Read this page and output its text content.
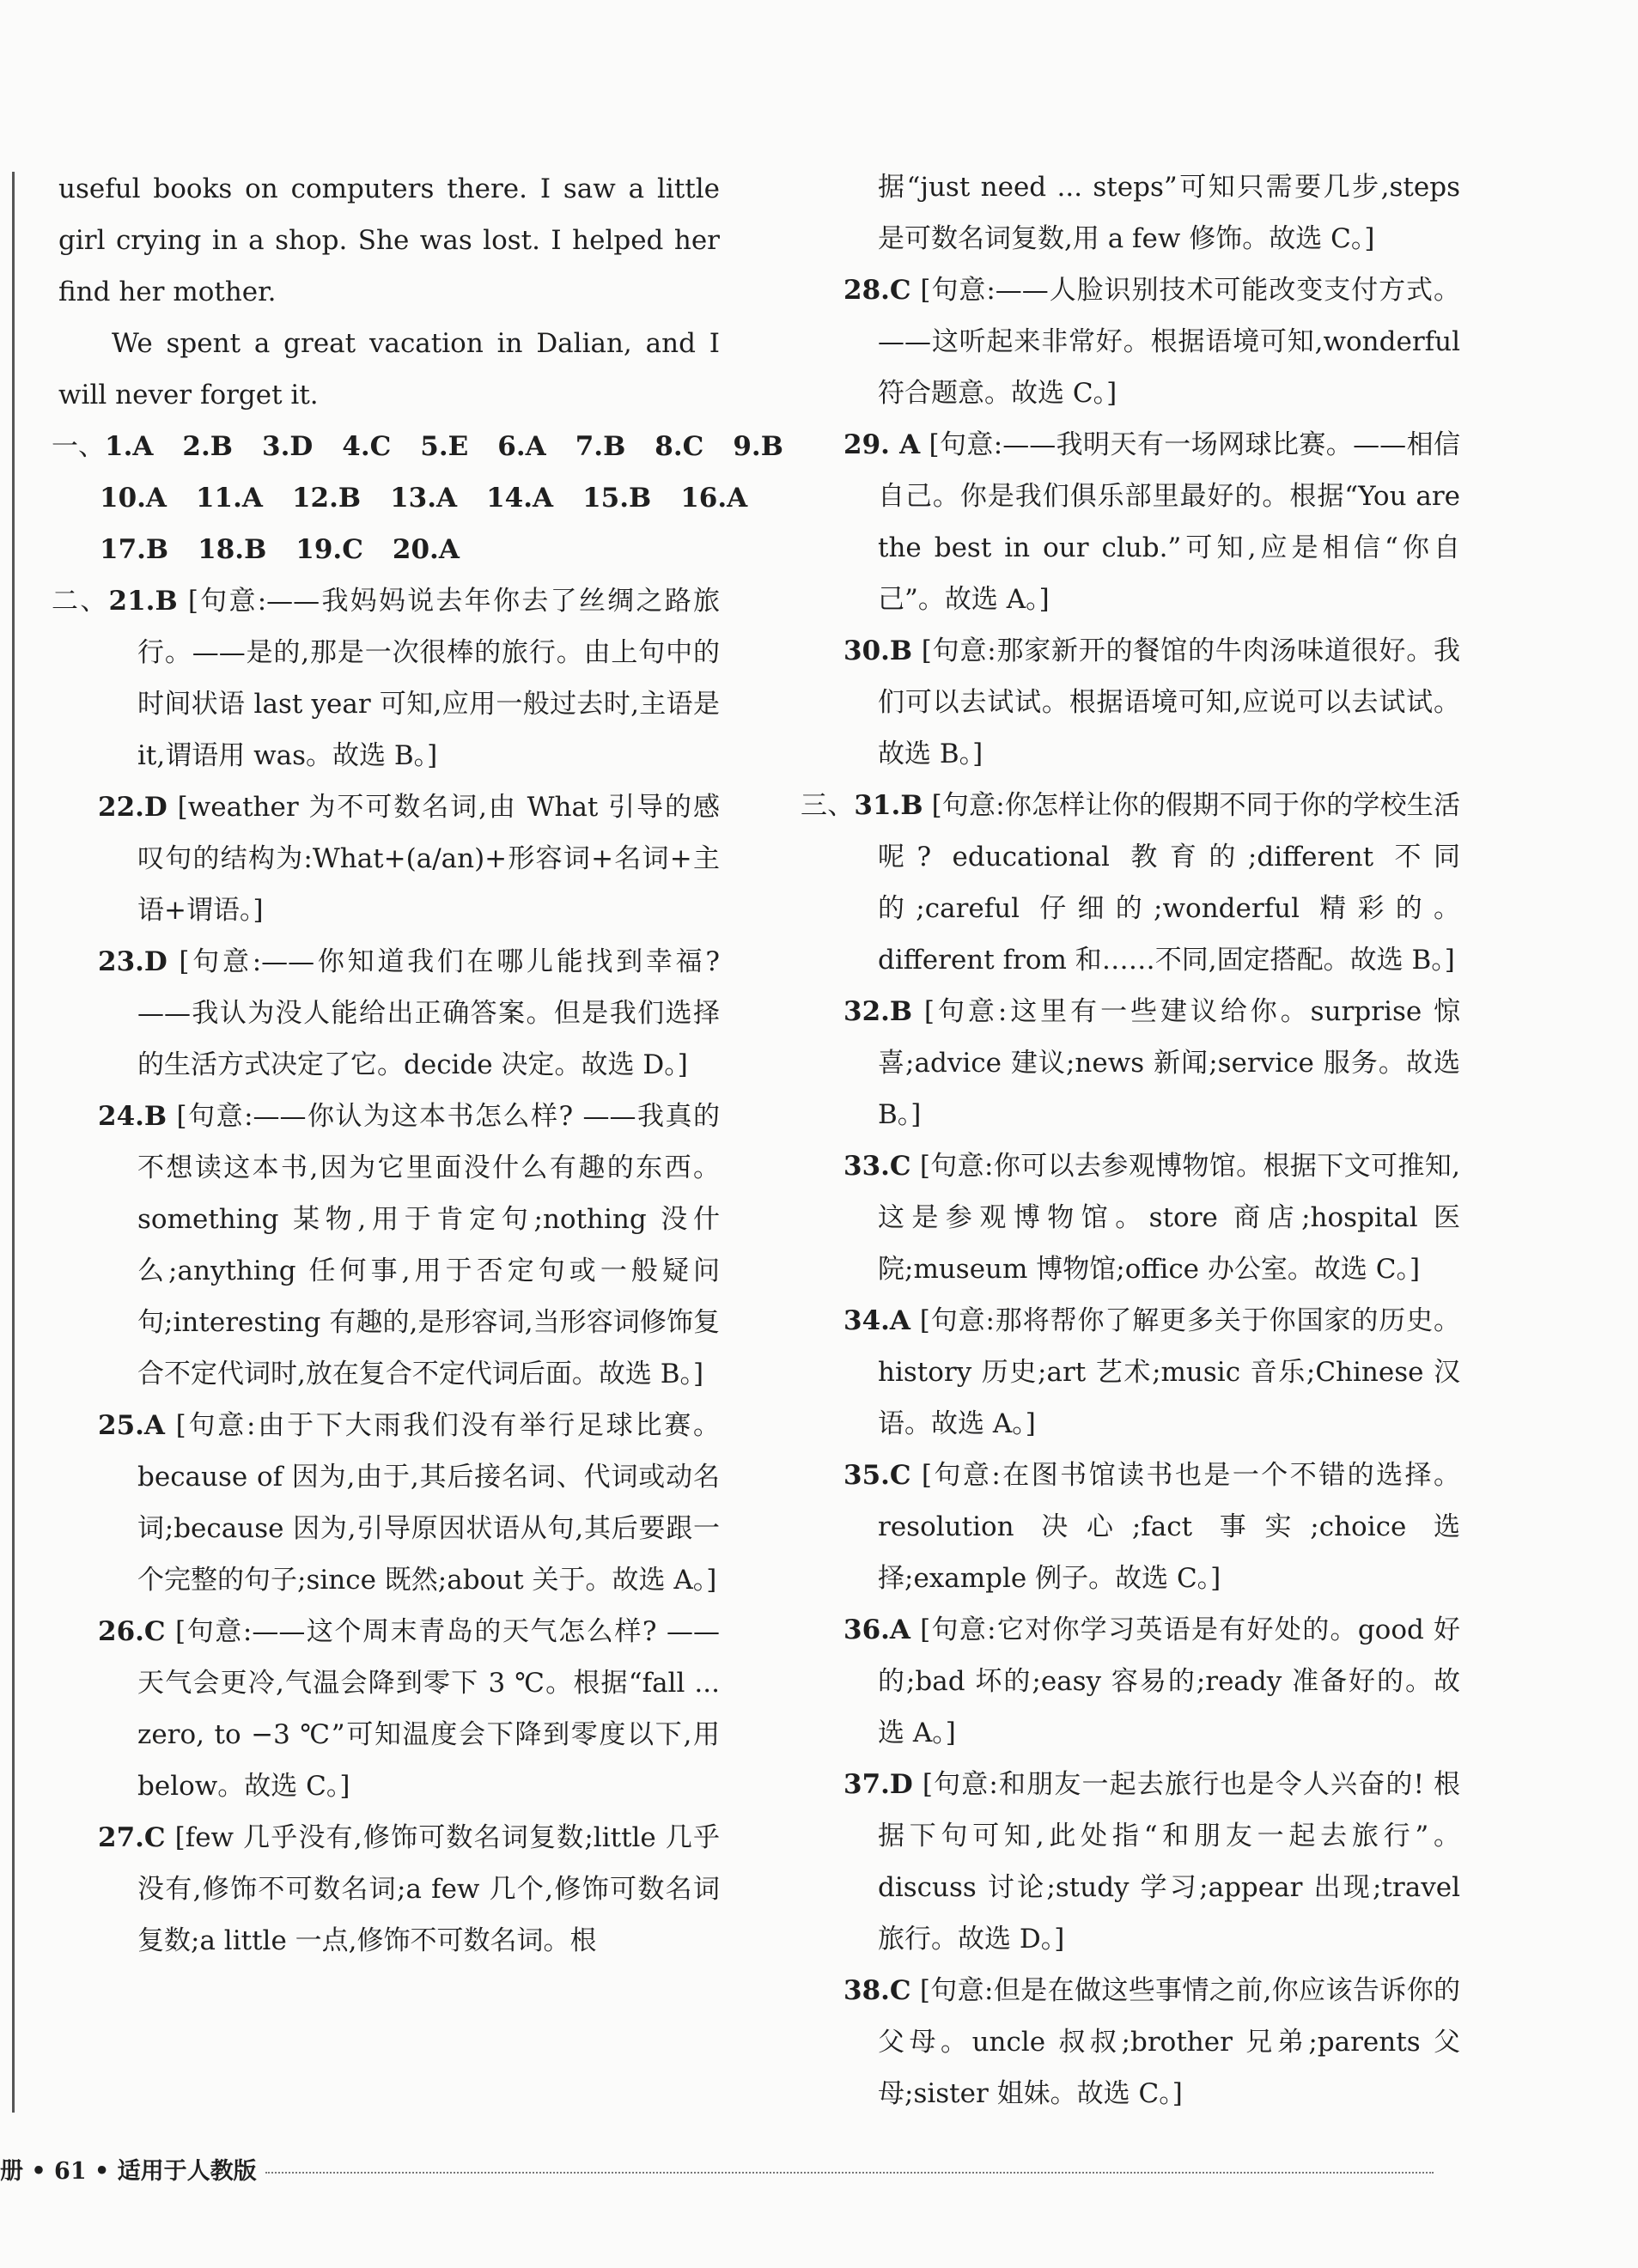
useful books on computers there. I saw a little girl crying in a shop. She was lost. I helped her find her mother.

We spent a great vacation in Dalian, and I will never forget it.

一、1.A 2.B 3.D 4.C 5.E 6.A 7.B 8.C 9.B

10.A 11.A 12.B 13.A 14.A 15.B 16.A

17.B 18.B 19.C 20.A

二、21.B [句意:——我妈妈说去年你去了丝绸之路旅行。——是的,那是一次很棒的旅行。由上句中的时间状语 last year 可知,应用一般过去时,主语是 it,谓语用 was。故选 B。]

22.D [weather 为不可数名词,由 What 引导的感叹句的结构为:What+(a/an)+形容词+名词+主语+谓语。]

23.D [句意:——你知道我们在哪儿能找到幸福? ——我认为没人能给出正确答案。但是我们选择的生活方式决定了它。decide 决定。故选 D。]

24.B [句意:——你认为这本书怎么样? ——我真的不想读这本书,因为它里面没什么有趣的东西。something 某物,用于肯定句;nothing 没什么;anything 任何事,用于否定句或一般疑问句;interesting 有趣的,是形容词,当形容词修饰复合不定代词时,放在复合不定代词后面。故选 B。]

25.A [句意:由于下大雨我们没有举行足球比赛。because of 因为,由于,其后接名词、代词或动名词;because 因为,引导原因状语从句,其后要跟一个完整的句子;since 既然;about 关于。故选 A。]

26.C [句意:——这个周末青岛的天气怎么样? ——天气会更冷,气温会降到零下 3 ℃。根据“fall ... zero, to −3 ℃”可知温度会下降到零度以下,用 below。故选 C。]

27.C [few 几乎没有,修饰可数名词复数;little 几乎没有,修饰不可数名词;a few 几个,修饰可数名词复数;a little 一点,修饰不可数名词。根

据“just need ... steps”可知只需要几步,steps 是可数名词复数,用 a few 修饰。故选 C。]

28.C [句意:——人脸识别技术可能改变支付方式。——这听起来非常好。根据语境可知,wonderful 符合题意。故选 C。]

29. A [句意:——我明天有一场网球比赛。——相信自己。你是我们俱乐部里最好的。根据“You are the best in our club.”可知,应是相信“你自己”。故选 A。]

30.B [句意:那家新开的餐馆的牛肉汤味道很好。我们可以去试试。根据语境可知,应说可以去试试。故选 B。]

三、31.B [句意:你怎样让你的假期不同于你的学校生活呢? educational 教育的;different 不同的;careful 仔细的;wonderful 精彩的。different from 和……不同,固定搭配。故选 B。]

32.B [句意:这里有一些建议给你。surprise 惊喜;advice 建议;news 新闻;service 服务。故选 B。]

33.C [句意:你可以去参观博物馆。根据下文可推知,这是参观博物馆。store 商店;hospital 医院;museum 博物馆;office 办公室。故选 C。]

34.A [句意:那将帮你了解更多关于你国家的历史。history 历史;art 艺术;music 音乐;Chinese 汉语。故选 A。]

35.C [句意:在图书馆读书也是一个不错的选择。resolution 决心;fact 事实;choice 选择;example 例子。故选 C。]

36.A [句意:它对你学习英语是有好处的。good 好的;bad 坏的;easy 容易的;ready 准备好的。故选 A。]

37.D [句意:和朋友一起去旅行也是令人兴奋的! 根据下句可知,此处指“和朋友一起去旅行”。discuss 讨论;study 学习;appear 出现;travel 旅行。故选 D。]

38.C [句意:但是在做这些事情之前,你应该告诉你的父母。uncle 叔叔;brother 兄弟;parents 父母;sister 姐妹。故选 C。]

册 • 61 • 适用于人教版
